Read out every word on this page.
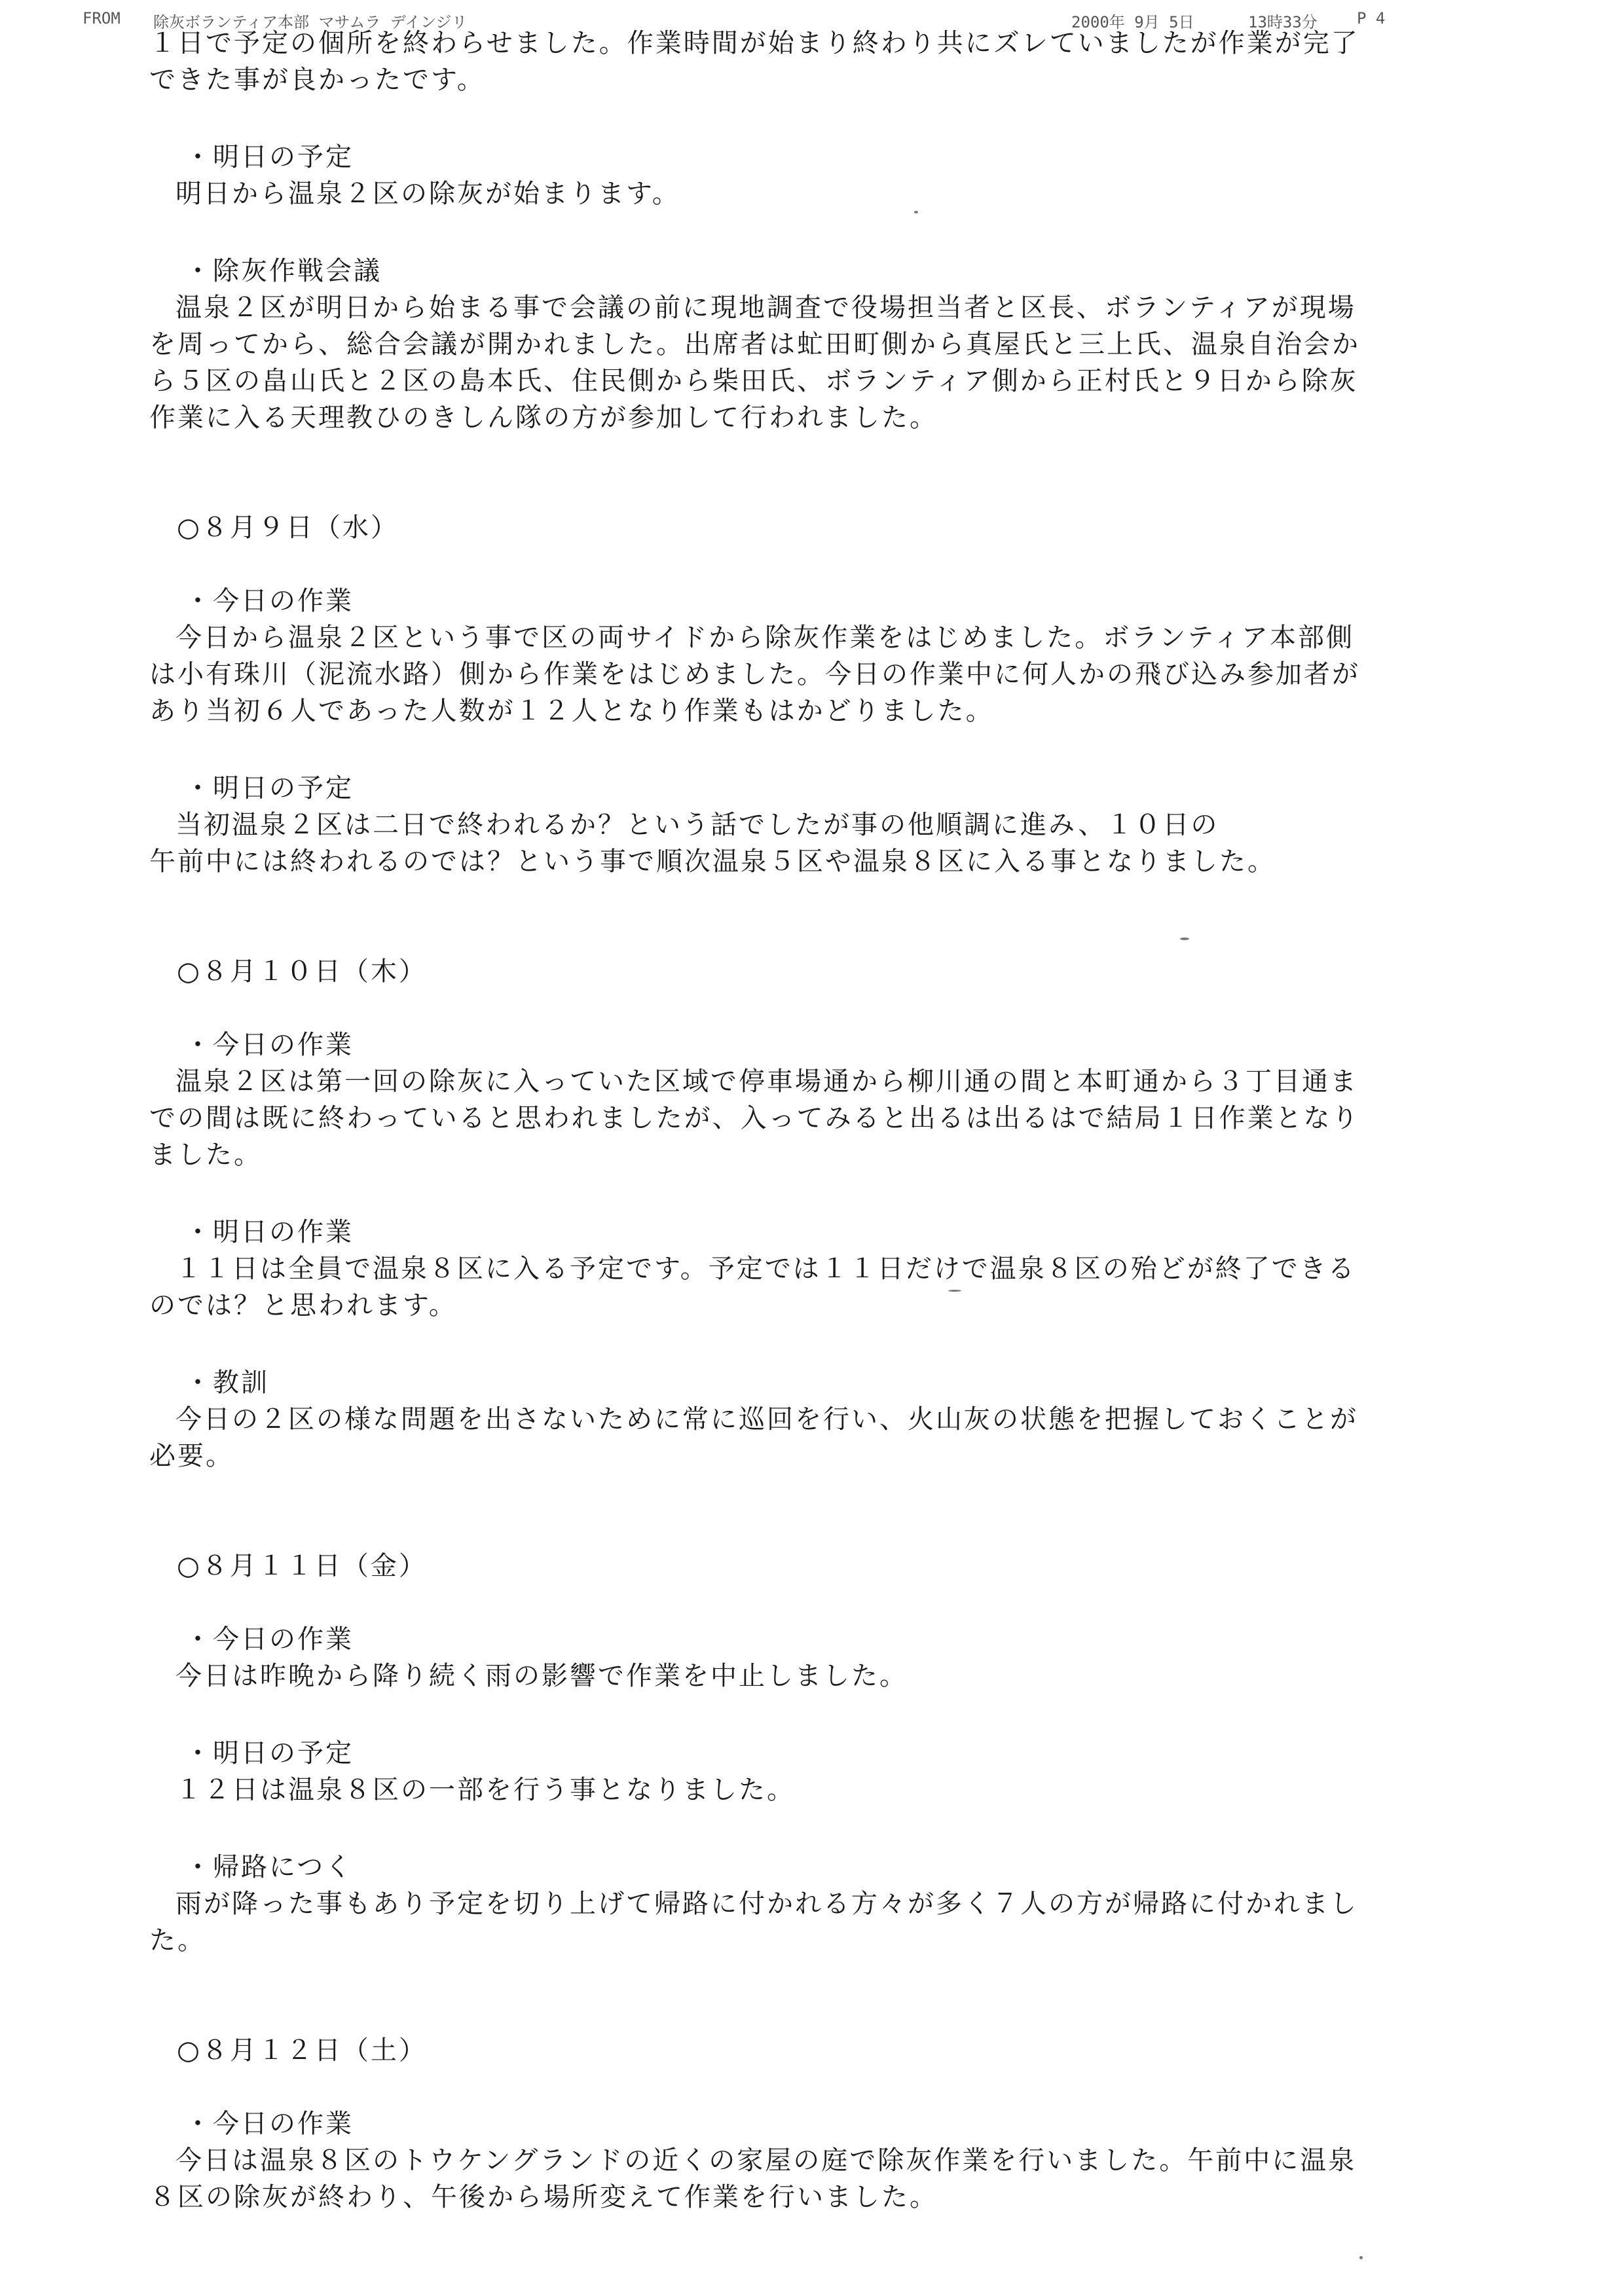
FROM 除灰ボランティア本部 マサムラ デインジリ	2000年 9月 5日	13時33分	P 4

１日で予定の個所を終わらせました。作業時間が始まり終わり共にズレていましたが作業が完了できた事が良かったです。

・明日の予定

明日から温泉２区の除灰が始まります。

・除灰作戦会議

温泉２区が明日から始まる事で会議の前に現地調査で役場担当者と区長、ボランティアが現場を周ってから、総合会議が開かれました。出席者は虻田町側から真屋氏と三上氏、温泉自治会から５区の畠山氏と２区の島本氏、住民側から柴田氏、ボランティア側から正村氏と９日から除灰作業に入る天理教ひのきしん隊の方が参加して行われました。

○８月９日（水）

・今日の作業

今日から温泉２区という事で区の両サイドから除灰作業をはじめました。ボランティア本部側は小有珠川（泥流水路）側から作業をはじめました。今日の作業中に何人かの飛び込み参加者があり当初６人であった人数が１２人となり作業もはかどりました。

・明日の予定

当初温泉２区は二日で終われるか？という話でしたが事の他順調に進み、１０日の

午前中には終われるのでは？という事で順次温泉５区や温泉８区に入る事となりました。

○８月１０日（木）

・今日の作業

温泉２区は第一回の除灰に入っていた区域で停車場通から柳川通の間と本町通から３丁目通までの間は既に終わっていると思われましたが、入ってみると出るは出るはで結局１日作業となりました。

・明日の作業

１１日は全員で温泉８区に入る予定です。予定では１１日だけで温泉８区の殆どが終了できるのでは？と思われます。

・教訓

今日の２区の様な問題を出さないために常に巡回を行い、火山灰の状態を把握しておくことが必要。

○８月１１日（金）

・今日の作業

今日は昨晩から降り続く雨の影響で作業を中止しました。

・明日の予定

１２日は温泉８区の一部を行う事となりました。

・帰路につく

雨が降った事もあり予定を切り上げて帰路に付かれる方々が多く７人の方が帰路に付かれました。

○８月１２日（土）

・今日の作業

今日は温泉８区のトウケングランドの近くの家屋の庭で除灰作業を行いました。午前中に温泉８区の除灰が終わり、午後から場所変えて作業を行いました。
